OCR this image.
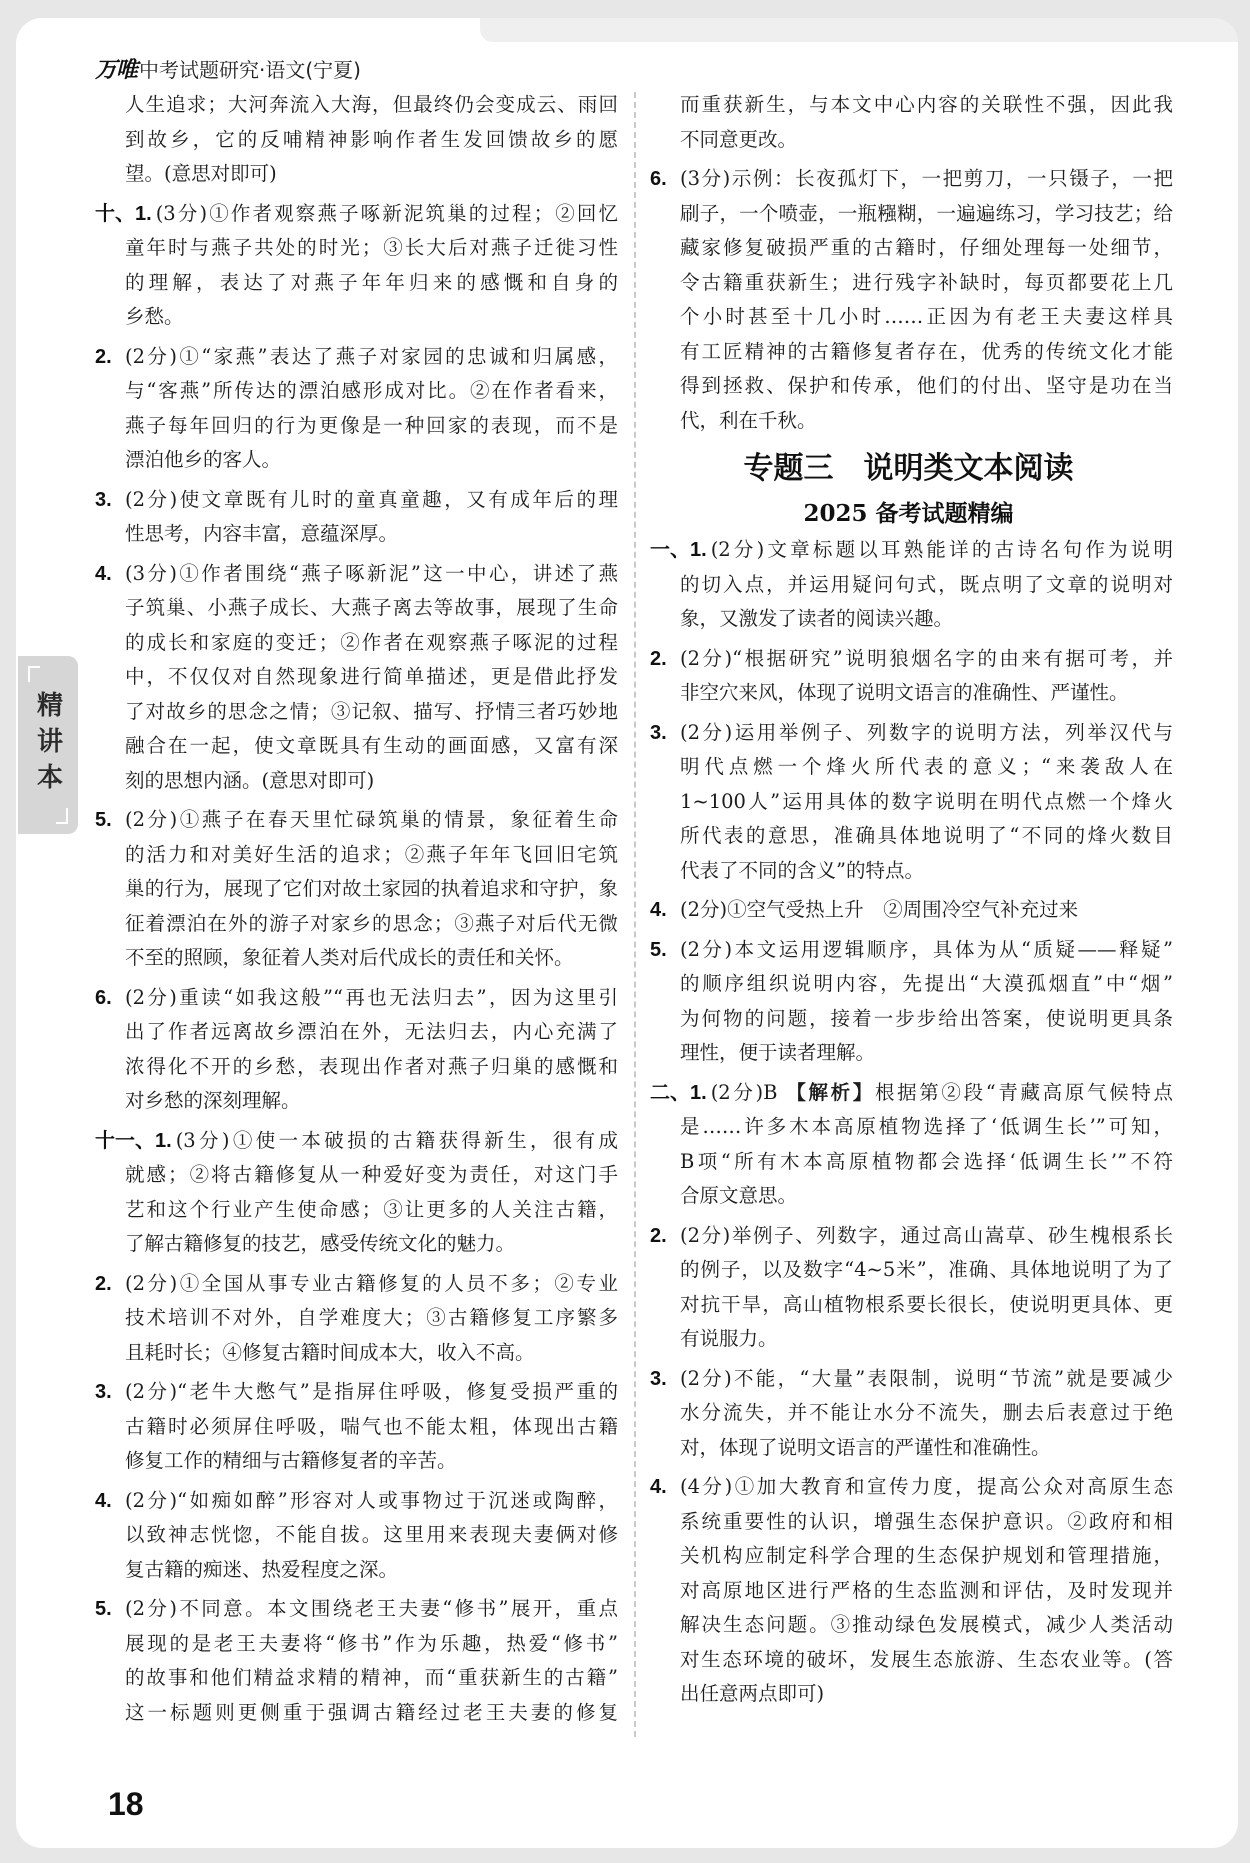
万唯 中考试题研究·语文(宁夏)
精讲本
人生追求；大河奔流入大海，但最终仍会变成云、雨回
到故乡，它的反哺精神影响作者生发回馈故乡的愿
望。(意思对即可)
十、1. (3分)①作者观察燕子啄新泥筑巢的过程；②回忆
童年时与燕子共处的时光；③长大后对燕子迁徙习性
的理解，表达了对燕子年年归来的感慨和自身的
乡愁。
2. (2分)①“家燕”表达了燕子对家园的忠诚和归属感，
与“客燕”所传达的漂泊感形成对比。②在作者看来，
燕子每年回归的行为更像是一种回家的表现，而不是
漂泊他乡的客人。
3. (2分)使文章既有儿时的童真童趣，又有成年后的理
性思考，内容丰富，意蕴深厚。
4. (3分)①作者围绕“燕子啄新泥”这一中心，讲述了燕
子筑巢、小燕子成长、大燕子离去等故事，展现了生命
的成长和家庭的变迁；②作者在观察燕子啄泥的过程
中，不仅仅对自然现象进行简单描述，更是借此抒发
了对故乡的思念之情；③记叙、描写、抒情三者巧妙地
融合在一起，使文章既具有生动的画面感，又富有深
刻的思想内涵。(意思对即可)
5. (2分)①燕子在春天里忙碌筑巢的情景，象征着生命
的活力和对美好生活的追求；②燕子年年飞回旧宅筑
巢的行为，展现了它们对故土家园的执着追求和守护，象
征着漂泊在外的游子对家乡的思念；③燕子对后代无微
不至的照顾，象征着人类对后代成长的责任和关怀。
6. (2分)重读“如我这般”“再也无法归去”，因为这里引
出了作者远离故乡漂泊在外，无法归去，内心充满了
浓得化不开的乡愁，表现出作者对燕子归巢的感慨和
对乡愁的深刻理解。
十一、1. (3分)①使一本破损的古籍获得新生，很有成
就感；②将古籍修复从一种爱好变为责任，对这门手
艺和这个行业产生使命感；③让更多的人关注古籍，
了解古籍修复的技艺，感受传统文化的魅力。
2. (2分)①全国从事专业古籍修复的人员不多；②专业
技术培训不对外，自学难度大；③古籍修复工序繁多
且耗时长；④修复古籍时间成本大，收入不高。
3. (2分)“老牛大憋气”是指屏住呼吸，修复受损严重的
古籍时必须屏住呼吸，喘气也不能太粗，体现出古籍
修复工作的精细与古籍修复者的辛苦。
4. (2分)“如痴如醉”形容对人或事物过于沉迷或陶醉，
以致神志恍惚，不能自拔。这里用来表现夫妻俩对修
复古籍的痴迷、热爱程度之深。
5. (2分)不同意。本文围绕老王夫妻“修书”展开，重点
展现的是老王夫妻将“修书”作为乐趣，热爱“修书”
的故事和他们精益求精的精神，而“重获新生的古籍”
这一标题则更侧重于强调古籍经过老王夫妻的修复
而重获新生，与本文中心内容的关联性不强，因此我
不同意更改。
6. (3分)示例：长夜孤灯下，一把剪刀，一只镊子，一把
刷子，一个喷壶，一瓶糨糊，一遍遍练习，学习技艺；给
藏家修复破损严重的古籍时，仔细处理每一处细节，
令古籍重获新生；进行残字补缺时，每页都要花上几
个小时甚至十几小时……正因为有老王夫妻这样具
有工匠精神的古籍修复者存在，优秀的传统文化才能
得到拯救、保护和传承，他们的付出、坚守是功在当
代，利在千秋。
专题三 说明类文本阅读
2025 备考试题精编
一、1. (2分)文章标题以耳熟能详的古诗名句作为说明
的切入点，并运用疑问句式，既点明了文章的说明对
象，又激发了读者的阅读兴趣。
2. (2分)“根据研究”说明狼烟名字的由来有据可考，并
非空穴来风，体现了说明文语言的准确性、严谨性。
3. (2分)运用举例子、列数字的说明方法，列举汉代与
明代点燃一个烽火所代表的意义；“来袭敌人在
1~100人”运用具体的数字说明在明代点燃一个烽火
所代表的意思，准确具体地说明了“不同的烽火数目
代表了不同的含义”的特点。
4. (2分)①空气受热上升　②周围冷空气补充过来
5. (2分)本文运用逻辑顺序，具体为从“质疑——释疑”
的顺序组织说明内容，先提出“大漠孤烟直”中“烟”
为何物的问题，接着一步步给出答案，使说明更具条
理性，便于读者理解。
二、1. (2分)B 【解析】根据第②段“青藏高原气候特点
是……许多木本高原植物选择了‘低调生长’”可知，
B项“所有木本高原植物都会选择‘低调生长’”不符
合原文意思。
2. (2分)举例子、列数字，通过高山嵩草、砂生槐根系长
的例子，以及数字“4~5米”，准确、具体地说明了为了
对抗干旱，高山植物根系要长很长，使说明更具体、更
有说服力。
3. (2分)不能，“大量”表限制，说明“节流”就是要减少
水分流失，并不能让水分不流失，删去后表意过于绝
对，体现了说明文语言的严谨性和准确性。
4. (4分)①加大教育和宣传力度，提高公众对高原生态
系统重要性的认识，增强生态保护意识。②政府和相
关机构应制定科学合理的生态保护规划和管理措施，
对高原地区进行严格的生态监测和评估，及时发现并
解决生态问题。③推动绿色发展模式，减少人类活动
对生态环境的破坏，发展生态旅游、生态农业等。(答
出任意两点即可)
18
